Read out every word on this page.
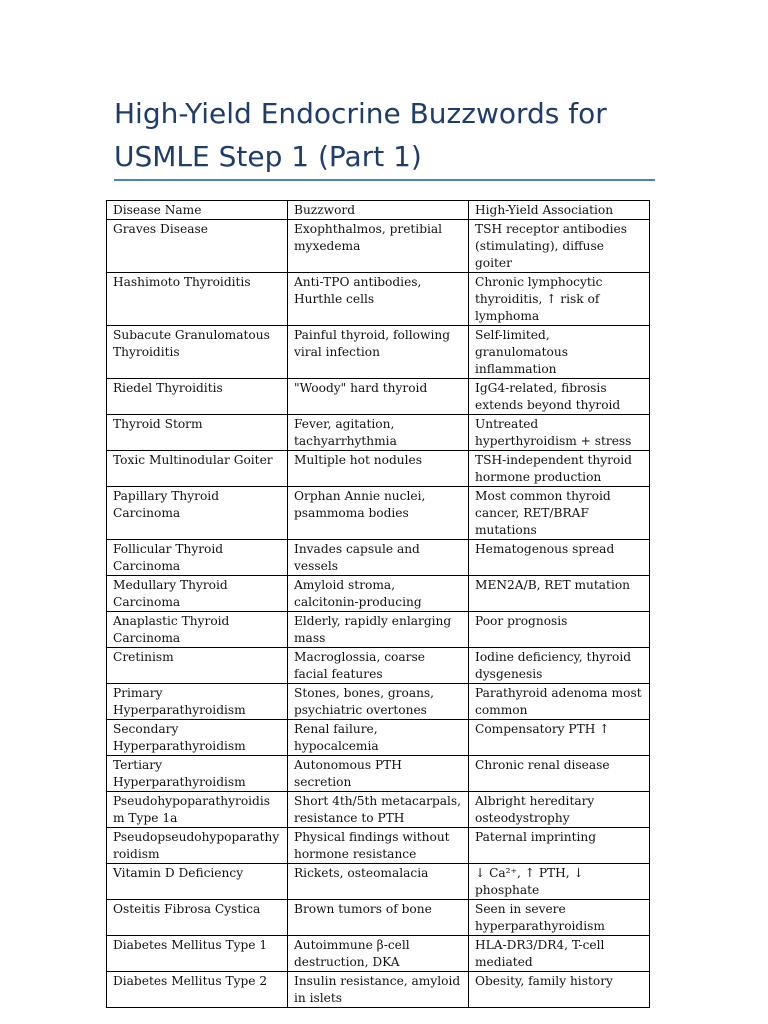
High-Yield Endocrine Buzzwords for USMLE Step 1 (Part 1)
Disease Name	Buzzword	High-Yield Association
Graves Disease	Exophthalmos, pretibial myxedema	TSH receptor antibodies (stimulating), diffuse goiter
Hashimoto Thyroiditis	Anti-TPO antibodies, Hurthle cells	Chronic lymphocytic thyroiditis, ↑ risk of lymphoma
Subacute Granulomatous Thyroiditis	Painful thyroid, following viral infection	Self-limited, granulomatous inflammation
Riedel Thyroiditis	"Woody" hard thyroid	IgG4-related, fibrosis extends beyond thyroid
Thyroid Storm	Fever, agitation, tachyarrhythmia	Untreated hyperthyroidism + stress
Toxic Multinodular Goiter	Multiple hot nodules	TSH-independent thyroid hormone production
Papillary Thyroid Carcinoma	Orphan Annie nuclei, psammoma bodies	Most common thyroid cancer, RET/BRAF mutations
Follicular Thyroid Carcinoma	Invades capsule and vessels	Hematogenous spread
Medullary Thyroid Carcinoma	Amyloid stroma, calcitonin-producing	MEN2A/B, RET mutation
Anaplastic Thyroid Carcinoma	Elderly, rapidly enlarging mass	Poor prognosis
Cretinism	Macroglossia, coarse facial features	Iodine deficiency, thyroid dysgenesis
Primary Hyperparathyroidism	Stones, bones, groans, psychiatric overtones	Parathyroid adenoma most common
Secondary Hyperparathyroidism	Renal failure, hypocalcemia	Compensatory PTH ↑
Tertiary Hyperparathyroidism	Autonomous PTH secretion	Chronic renal disease
Pseudohypoparathyroidism Type 1a	Short 4th/5th metacarpals, resistance to PTH	Albright hereditary osteodystrophy
Pseudopseudohypoparathyroidism	Physical findings without hormone resistance	Paternal imprinting
Vitamin D Deficiency	Rickets, osteomalacia	↓ Ca²⁺, ↑ PTH, ↓ phosphate
Osteitis Fibrosa Cystica	Brown tumors of bone	Seen in severe hyperparathyroidism
Diabetes Mellitus Type 1	Autoimmune β-cell destruction, DKA	HLA-DR3/DR4, T-cell mediated
Diabetes Mellitus Type 2	Insulin resistance, amyloid in islets	Obesity, family history
